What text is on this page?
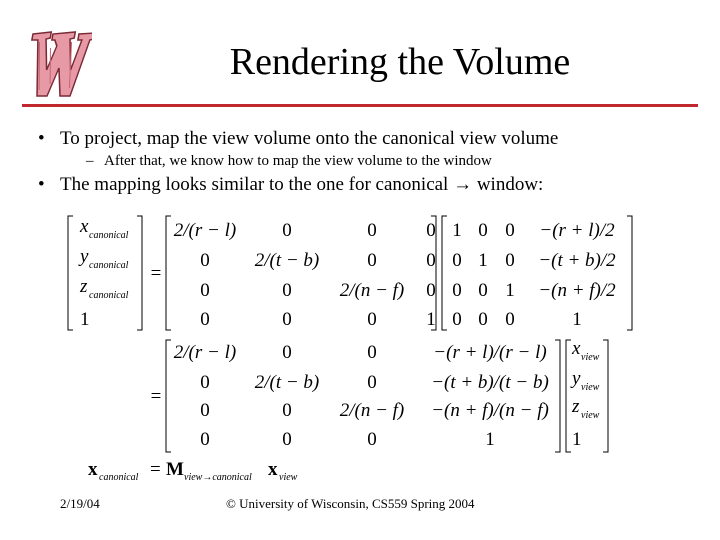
Rendering the Volume
• To project, map the view volume onto the canonical view volume
– After that, we know how to map the view volume to the window
• The mapping looks similar to the one for canonical → window:
x canonical
y canonical
z canonical
1
=
2/(r − l) 0	0	0
0 2/(t − b)	0	0
0	0	2/(n − f) 0
0	0	0	1
1 0 0 −(r + l)/2
0 1 0 −(t + b)/2
0 0 1 −(n + f)/2
0 0 0	1
=
2/(r − l) 0	0	−(r + l)/(r − l)
0 2/(t − b)	0	−(t + b)/(t − b)
0	0	2/(n − f) −(n + f)/(n − f)
0	0	0	1
x view
y view
z view
1
x canonical = M view→canonical x view
2/19/04	© University of Wisconsin, CS559 Spring 2004
